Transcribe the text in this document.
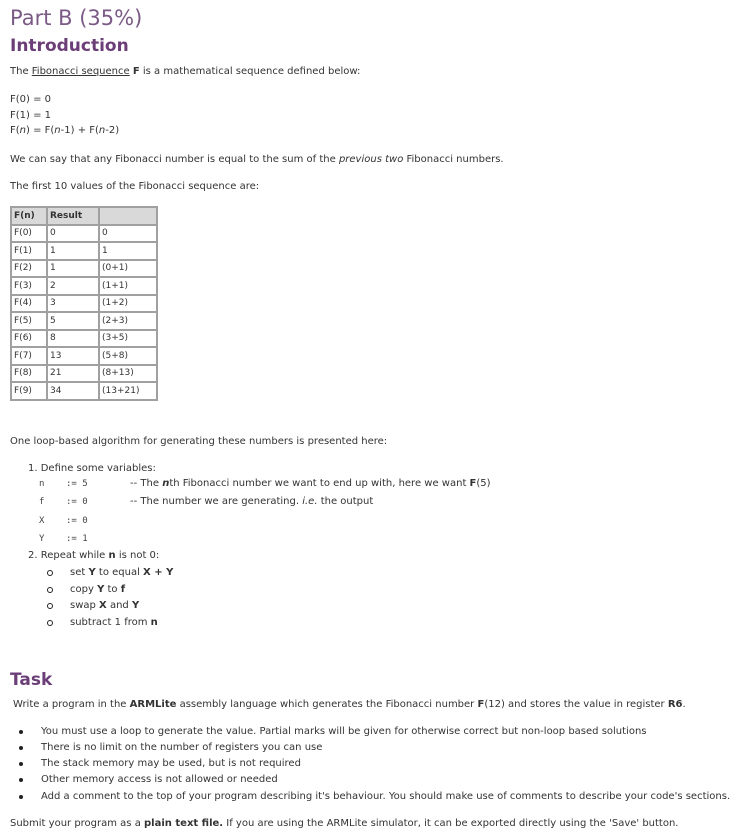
Part B (35%)
Introduction
The Fibonacci sequence F is a mathematical sequence defined below:
F(0) = 0
F(1) = 1
F(n) = F(n-1) + F(n-2)
We can say that any Fibonacci number is equal to the sum of the previous two Fibonacci numbers.
The first 10 values of the Fibonacci sequence are:
F(n)	Result	
F(0)	0	0
F(1)	1	1
F(2)	1	(0+1)
F(3)	2	(1+1)
F(4)	3	(1+2)
F(5)	5	(2+3)
F(6)	8	(3+5)
F(7)	13	(5+8)
F(8)	21	(8+13)
F(9)	34	(13+21)
One loop-based algorithm for generating these numbers is presented here:
1. Define some variables:
n := 5	-- The nth Fibonacci number we want to end up with, here we want F(5)
f := 0	-- The number we are generating. i.e. the output
X := 0
Y := 1
2. Repeat while n is not 0:
set Y to equal X + Y
copy Y to f
swap X and Y
subtract 1 from n
Task
Write a program in the ARMLite assembly language which generates the Fibonacci number F(12) and stores the value in register R6.
You must use a loop to generate the value. Partial marks will be given for otherwise correct but non-loop based solutions
There is no limit on the number of registers you can use
The stack memory may be used, but is not required
Other memory access is not allowed or needed
Add a comment to the top of your program describing it's behaviour. You should make use of comments to describe your code's sections.
Submit your program as a plain text file. If you are using the ARMLite simulator, it can be exported directly using the 'Save' button.
